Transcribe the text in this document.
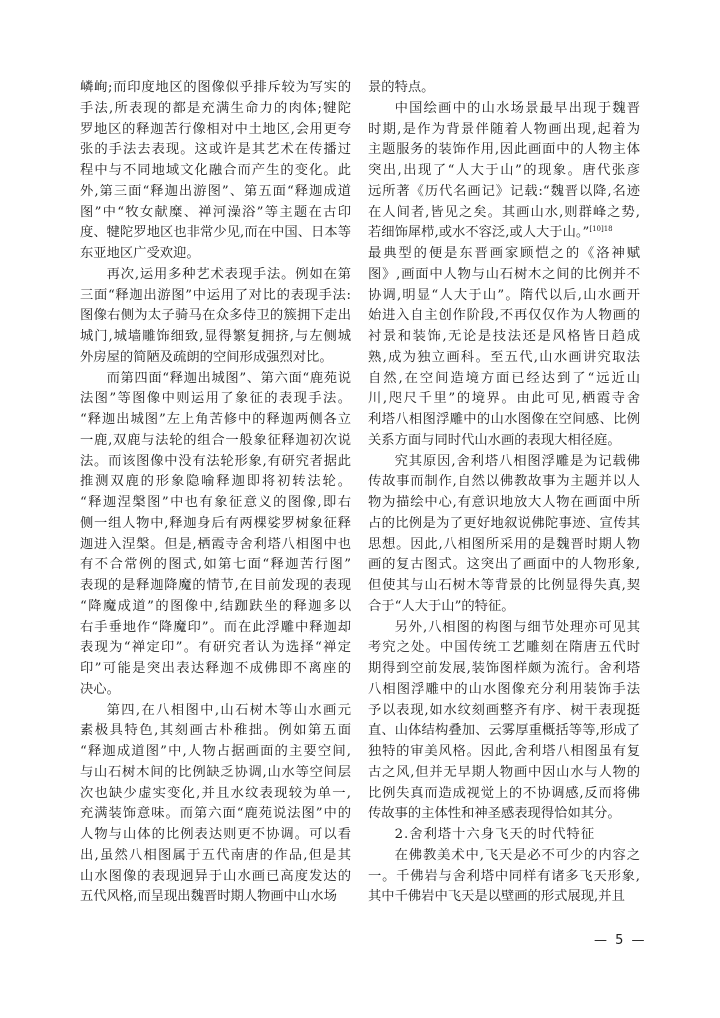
嶙峋;而印度地区的图像似乎排斥较为写实的
手法,所表现的都是充满生命力的肉体;犍陀
罗地区的释迦苦行像相对中土地区,会用更夸
张的手法去表现。这或许是其艺术在传播过
程中与不同地域文化融合而产生的变化。此
外,第三面“释迦出游图”、第五面“释迦成道
图”中“牧女献糜、禅河澡浴”等主题在古印
度、犍陀罗地区也非常少见,而在中国、日本等
东亚地区广受欢迎。
再次,运用多种艺术表现手法。例如在第
三面“释迦出游图”中运用了对比的表现手法:
图像右侧为太子骑马在众多侍卫的簇拥下走出
城门,城墙雕饰细致,显得繁复拥挤,与左侧城
外房屋的简陋及疏朗的空间形成强烈对比。
而第四面“释迦出城图”、第六面“鹿苑说
法图”等图像中则运用了象征的表现手法。
“释迦出城图”左上角苦修中的释迦两侧各立
一鹿,双鹿与法轮的组合一般象征释迦初次说
法。而该图像中没有法轮形象,有研究者据此
推测双鹿的形象隐喻释迦即将初转法轮。
“释迦涅槃图”中也有象征意义的图像,即右
侧一组人物中,释迦身后有两棵娑罗树象征释
迦进入涅槃。但是,栖霞寺舍利塔八相图中也
有不合常例的图式,如第七面“释迦苦行图”
表现的是释迦降魔的情节,在目前发现的表现
“降魔成道”的图像中,结跏趺坐的释迦多以
右手垂地作“降魔印”。而在此浮雕中释迦却
表现为“禅定印”。有研究者认为选择“禅定
印”可能是突出表达释迦不成佛即不离座的
决心。
第四,在八相图中,山石树木等山水画元
素极具特色,其刻画古朴稚拙。例如第五面
“释迦成道图”中,人物占据画面的主要空间,
与山石树木间的比例缺乏协调,山水等空间层
次也缺少虚实变化,并且水纹表现较为单一,
充满装饰意味。而第六面“鹿苑说法图”中的
人物与山体的比例表达则更不协调。可以看
出,虽然八相图属于五代南唐的作品,但是其
山水图像的表现迥异于山水画已高度发达的
五代风格,而呈现出魏晋时期人物画中山水场
景的特点。
中国绘画中的山水场景最早出现于魏晋
时期,是作为背景伴随着人物画出现,起着为
主题服务的装饰作用,因此画面中的人物主体
突出,出现了“人大于山”的现象。唐代张彦
远所著《历代名画记》记载:“魏晋以降,名迹
在人间者,皆见之矣。其画山水,则群峰之势,
若细饰犀栉,或水不容泛,或人大于山。”$^{[10]18}$
最典型的便是东晋画家顾恺之的《洛神赋
图》,画面中人物与山石树木之间的比例并不
协调,明显“人大于山”。隋代以后,山水画开
始进入自主创作阶段,不再仅仅作为人物画的
衬景和装饰,无论是技法还是风格皆日趋成
熟,成为独立画科。至五代,山水画讲究取法
自然,在空间造境方面已经达到了“远近山
川,咫尺千里”的境界。由此可见,栖霞寺舍
利塔八相图浮雕中的山水图像在空间感、比例
关系方面与同时代山水画的表现大相径庭。
究其原因,舍利塔八相图浮雕是为记载佛
传故事而制作,自然以佛教故事为主题并以人
物为描绘中心,有意识地放大人物在画面中所
占的比例是为了更好地叙说佛陀事迹、宣传其
思想。因此,八相图所采用的是魏晋时期人物
画的复古图式。这突出了画面中的人物形象,
但使其与山石树木等背景的比例显得失真,契
合于“人大于山”的特征。
另外,八相图的构图与细节处理亦可见其
考究之处。中国传统工艺雕刻在隋唐五代时
期得到空前发展,装饰图样颇为流行。舍利塔
八相图浮雕中的山水图像充分利用装饰手法
予以表现,如水纹刻画整齐有序、树干表现挺
直、山体结构叠加、云雾厚重概括等等,形成了
独特的审美风格。因此,舍利塔八相图虽有复
古之风,但并无早期人物画中因山水与人物的
比例失真而造成视觉上的不协调感,反而将佛
传故事的主体性和神圣感表现得恰如其分。
2.舍利塔十六身飞天的时代特征
在佛教美术中,飞天是必不可少的内容之
一。千佛岩与舍利塔中同样有诸多飞天形象,
其中千佛岩中飞天是以壁画的形式展现,并且
— 5 —
